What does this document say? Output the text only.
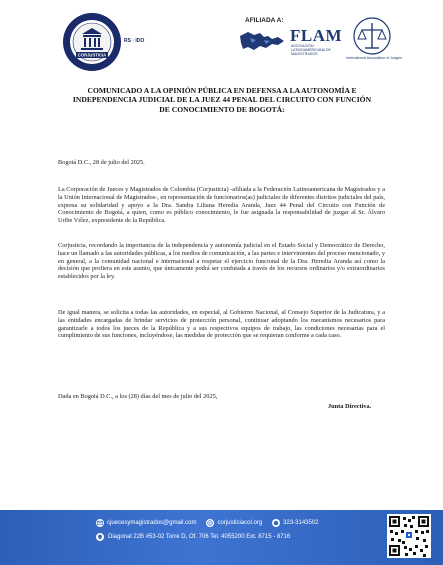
CORJUSTICIA
RS · IDO
AFILIADA A:
FLAM
ASOCIACIÓN LATINOAMERICANA DE MAGISTRADOS
International Association of Judges
COMUNICADO A LA OPINIÓN PÚBLICA EN DEFENSA A LA AUTONOMÍA E INDEPENDENCIA JUDICIAL DE LA JUEZ 44 PENAL DEL CIRCUITO CON FUNCIÓN DE CONOCIMIENTO DE BOGOTÁ:
Bogotá D.C., 28 de julio del 2025.
La Corporación de Jueces y Magistrados de Colombia (Corjusticia) -afiliada a la Federación Latinoamericana de Magistrados y a la Unión Internacional de Magistrados-, en representación de funcionarios(as) judiciales de diferentes distritos judiciales del país, expresa su solidaridad y apoyo a la Dra. Sandra Liliana Heredia Aranda, Juez 44 Penal del Circuito con Función de Conocimiento de Bogotá, a quien, como es público conocimiento, le fue asignada la responsabilidad de juzgar al Sr. Álvaro Uribe Vélez, expresidente de la República.
Corjusticia, recordando la importancia de la independencia y autonomía judicial en el Estado Social y Democrático de Derecho, hace un llamado a las autoridades públicas, a los medios de comunicación, a las partes e intervinientes del proceso mencionado, y en general, a la comunidad nacional e internacional a respetar el ejercicio funcional de la Dra. Heredia Aranda así como la decisión que profiera en este asunto, que únicamente podrá ser confutada a través de los recursos ordinarios y/o extraordinarios establecidos por la ley.
De igual manera, se solicita a todas las autoridades, en especial, al Gobierno Nacional, al Consejo Superior de la Judicatura, y a las entidades encargadas de brindar servicios de protección personal, continuar adoptando los mecanismos necesarios para garantizarle a todos los jueces de la República y a sus respectivos equipos de trabajo, las condiciones necesarias para el cumplimiento de sus funciones, incluyéndose, las medidas de protección que se requieran conforme a cada caso.
Dada en Bogotá D.C., a los (28) días del mes de julio del 2025,
Junta Directiva.
cjuecesymagistrados@gmail.com	corjusticiacol.org	323-3143502
Diagonal 22B #53-02 Torre D, Of. 706 Tel. 4055200 Ext. 8715 - 8716
